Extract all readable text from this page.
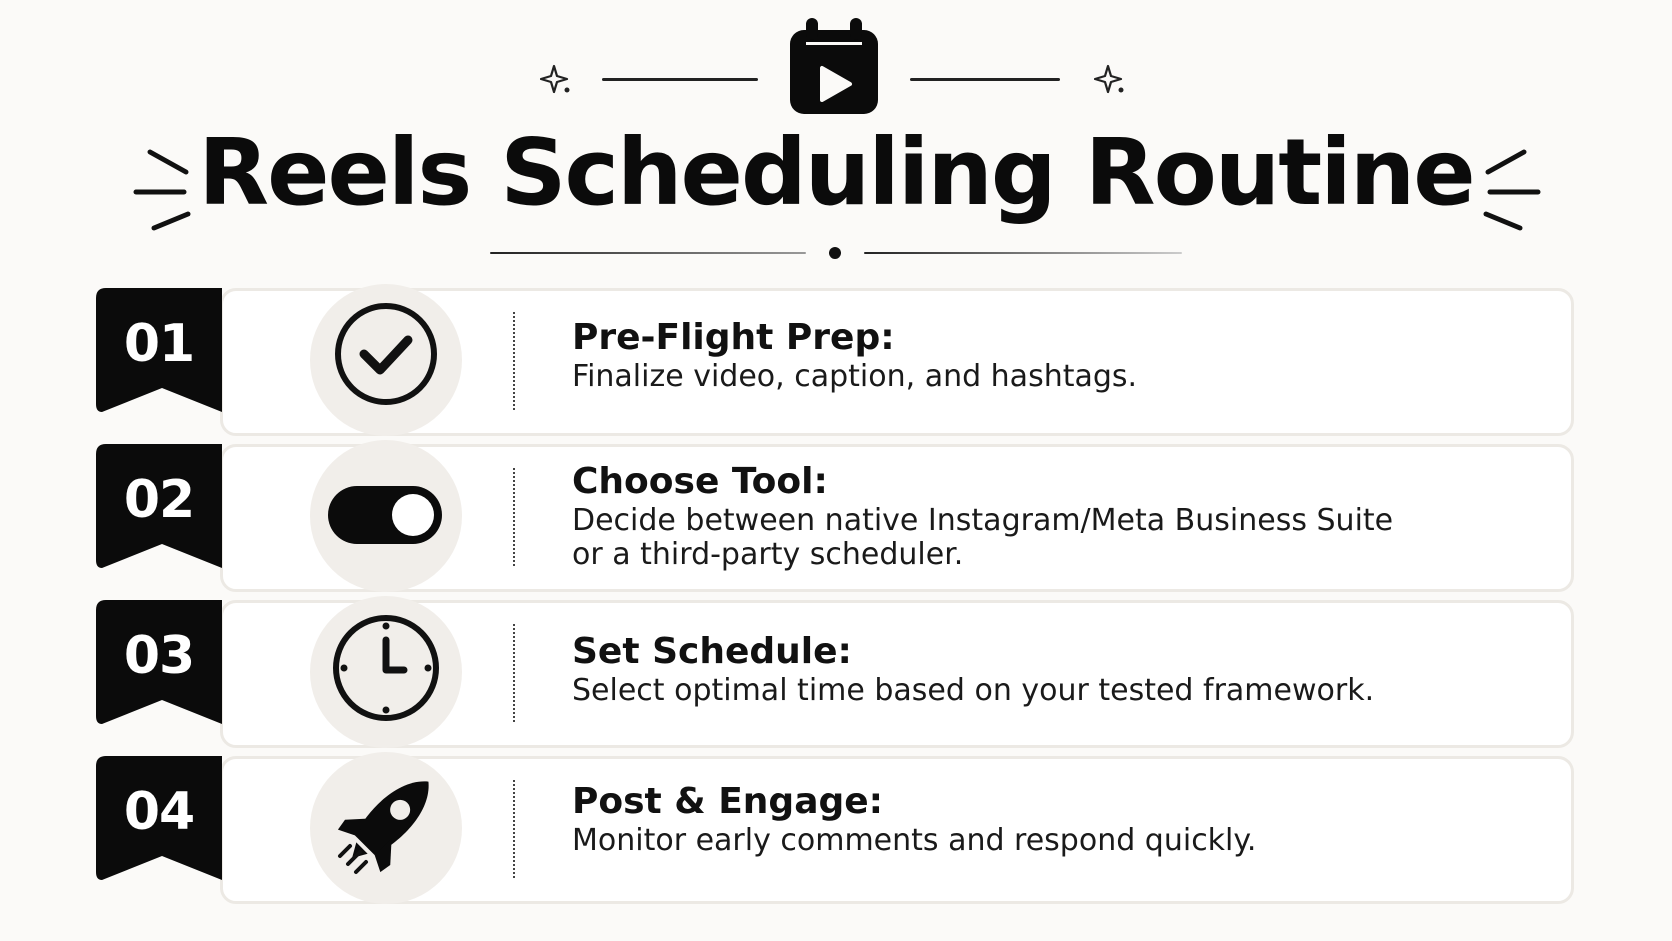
Reels Scheduling Routine
01	Pre-Flight Prep:
Finalize video, caption, and hashtags.
02	Choose Tool:
Decide between native Instagram/Meta Business Suite
or a third-party scheduler.
03	Set Schedule:
Select optimal time based on your tested framework.
04	Post & Engage:
Monitor early comments and respond quickly.
